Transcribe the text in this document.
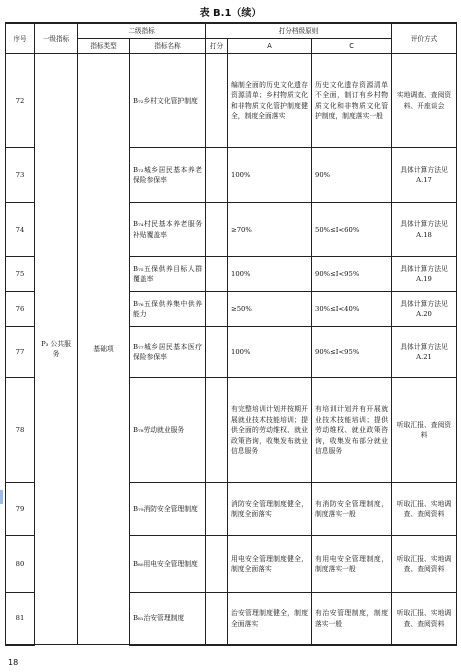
表 B.1（续）
序号	一级指标	二级指标		打分档级原则			评价方式
		指标类型	指标名称	打分	A	C	
72	P₃ 公共服务	基础项	B₇₂乡村文化管护制度		编制全面的历史文化遗存资源清单；乡村物质文化和非物质文化管护制度健全，制度全面落实	历史文化遗存资源清单不全面，制订有乡村物质文化和非物质文化管护制度，制度落实一般	实地调查、查阅资料、开座谈会
73			B₇₃城乡居民基本养老保险参保率		100%	90%	具体计算方法见 A.17
74			B₇₄村民基本养老服务补贴覆盖率		≥70%	50%≤I<60%	具体计算方法见 A.18
75			B₇₅五保供养目标人群覆盖率		100%	90%≤I<95%	具体计算方法见 A.19
76			B₇₆五保供养集中供养能力		≥50%	30%≤I<40%	具体计算方法见 A.20
77			B₇₇城乡居民基本医疗保险参保率		100%	90%≤I<95%	具体计算方法见 A.21
78			B₇₈劳动就业服务		有完整培训计划并按期开展就业技术技能培训；提供全面的劳动维权、就业政策咨询，收集发布就业信息服务	有培训计划并有开展就业技术技能培训；提供劳动维权、就业政策咨询，收集发布部分就业信息服务	听取汇报、查阅资料
79			B₇₉消防安全管理制度		消防安全管理制度健全，制度全面落实	有消防安全管理制度，制度落实一般	听取汇报、实地调查、查阅资料
80			B₈₀用电安全管理制度		用电安全管理制度健全，制度全面落实	有用电安全管理制度，制度落实一般	听取汇报、实地调查、查阅资料
81			B₈₁治安管理制度		治安管理制度健全，制度全面落实	有治安管理制度，制度落实一般	听取汇报、实地调查、查阅资料
18
